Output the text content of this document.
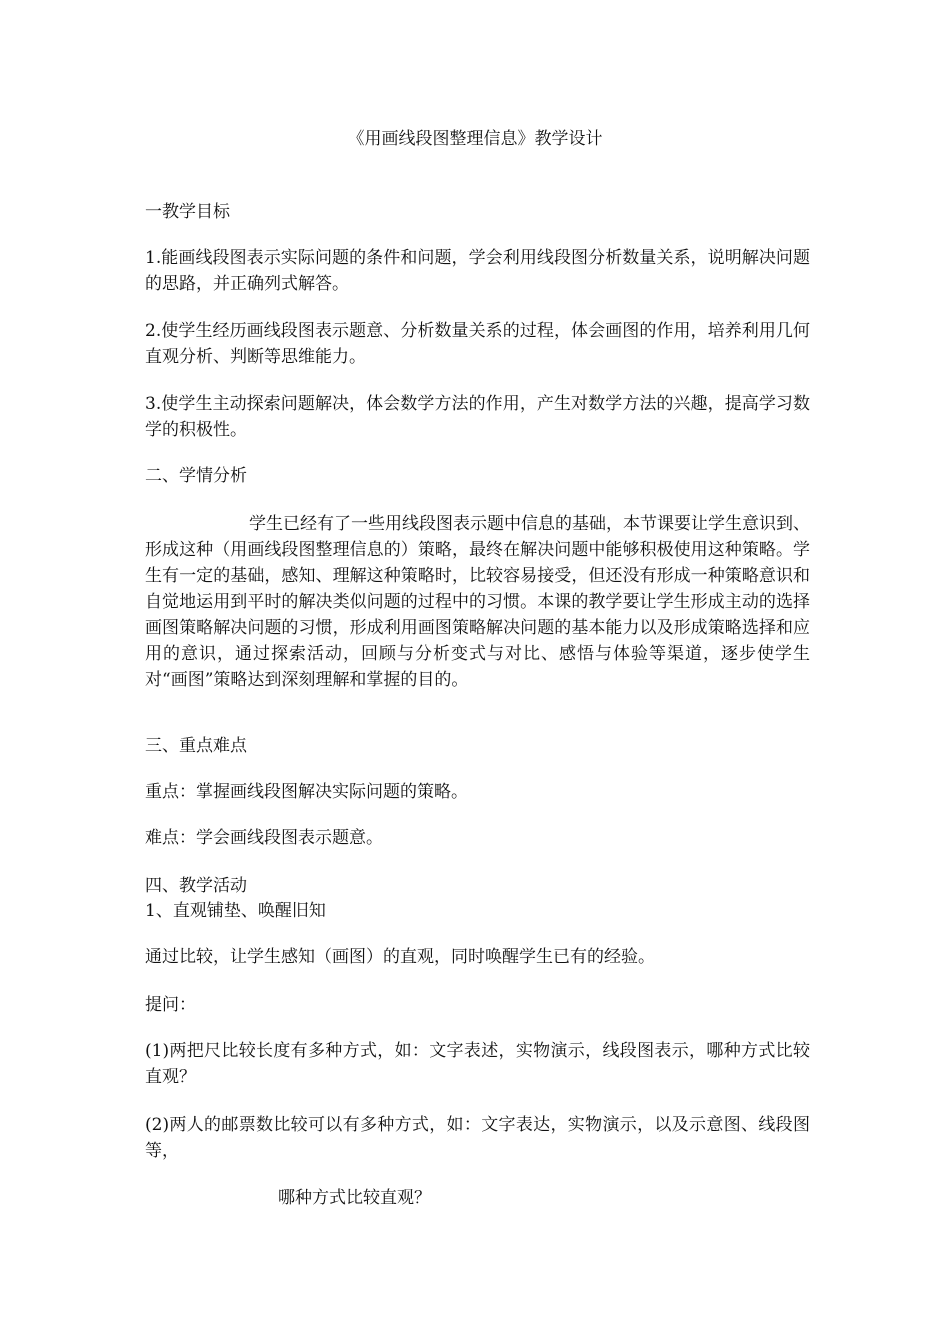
《用画线段图整理信息》教学设计
一教学目标
1.能画线段图表示实际问题的条件和问题，学会利用线段图分析数量关系，说明解决问题的思路，并正确列式解答。
2.使学生经历画线段图表示题意、分析数量关系的过程，体会画图的作用，培养利用几何直观分析、判断等思维能力。
3.使学生主动探索问题解决，体会数学方法的作用，产生对数学方法的兴趣，提高学习数学的积极性。
二、学情分析
学生已经有了一些用线段图表示题中信息的基础，本节课要让学生意识到、形成这种（用画线段图整理信息的）策略，最终在解决问题中能够积极使用这种策略。学生有一定的基础，感知、理解这种策略时，比较容易接受，但还没有形成一种策略意识和自觉地运用到平时的解决类似问题的过程中的习惯。本课的教学要让学生形成主动的选择画图策略解决问题的习惯，形成利用画图策略解决问题的基本能力以及形成策略选择和应用的意识，通过探索活动，回顾与分析变式与对比、感悟与体验等渠道，逐步使学生对“画图”策略达到深刻理解和掌握的目的。
三、重点难点
重点：掌握画线段图解决实际问题的策略。
难点：学会画线段图表示题意。
四、教学活动
1、直观铺垫、唤醒旧知
通过比较，让学生感知（画图）的直观，同时唤醒学生已有的经验。
提问：
(1)两把尺比较长度有多种方式，如：文字表述，实物演示，线段图表示，哪种方式比较直观？
(2)两人的邮票数比较可以有多种方式，如：文字表达，实物演示，以及示意图、线段图等，
哪种方式比较直观？
